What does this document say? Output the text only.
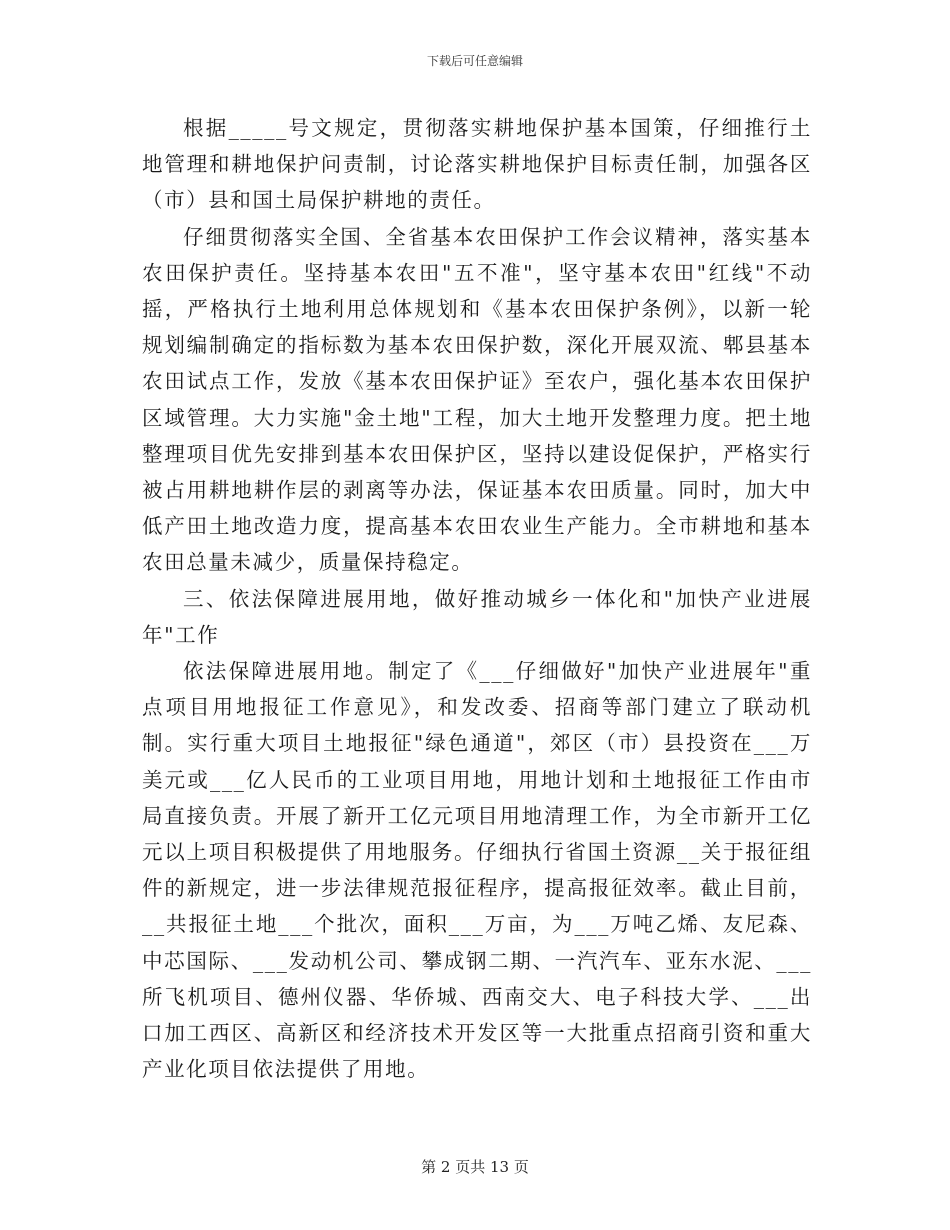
下载后可任意编辑

根据_____号文规定，贯彻落实耕地保护基本国策，仔细推行土地管理和耕地保护问责制，讨论落实耕地保护目标责任制，加强各区（市）县和国土局保护耕地的责任。

仔细贯彻落实全国、全省基本农田保护工作会议精神，落实基本农田保护责任。坚持基本农田"五不准"，坚守基本农田"红线"不动摇，严格执行土地利用总体规划和《基本农田保护条例》，以新一轮规划编制确定的指标数为基本农田保护数，深化开展双流、郫县基本农田试点工作，发放《基本农田保护证》至农户，强化基本农田保护区域管理。大力实施"金土地"工程，加大土地开发整理力度。把土地整理项目优先安排到基本农田保护区，坚持以建设促保护，严格实行被占用耕地耕作层的剥离等办法，保证基本农田质量。同时，加大中低产田土地改造力度，提高基本农田农业生产能力。全市耕地和基本农田总量未减少，质量保持稳定。

三、依法保障进展用地，做好推动城乡一体化和"加快产业进展年"工作

依法保障进展用地。制定了《___仔细做好"加快产业进展年"重点项目用地报征工作意见》，和发改委、招商等部门建立了联动机制。实行重大项目土地报征"绿色通道"，郊区（市）县投资在___万美元或___亿人民币的工业项目用地，用地计划和土地报征工作由市局直接负责。开展了新开工亿元项目用地清理工作，为全市新开工亿元以上项目积极提供了用地服务。仔细执行省国土资源__关于报征组件的新规定，进一步法律规范报征程序，提高报征效率。截止目前，__共报征土地___个批次，面积___万亩，为___万吨乙烯、友尼森、中芯国际、___发动机公司、攀成钢二期、一汽汽车、亚东水泥、___所飞机项目、德州仪器、华侨城、西南交大、电子科技大学、___出口加工西区、高新区和经济技术开发区等一大批重点招商引资和重大产业化项目依法提供了用地。

第 2 页共 13 页
